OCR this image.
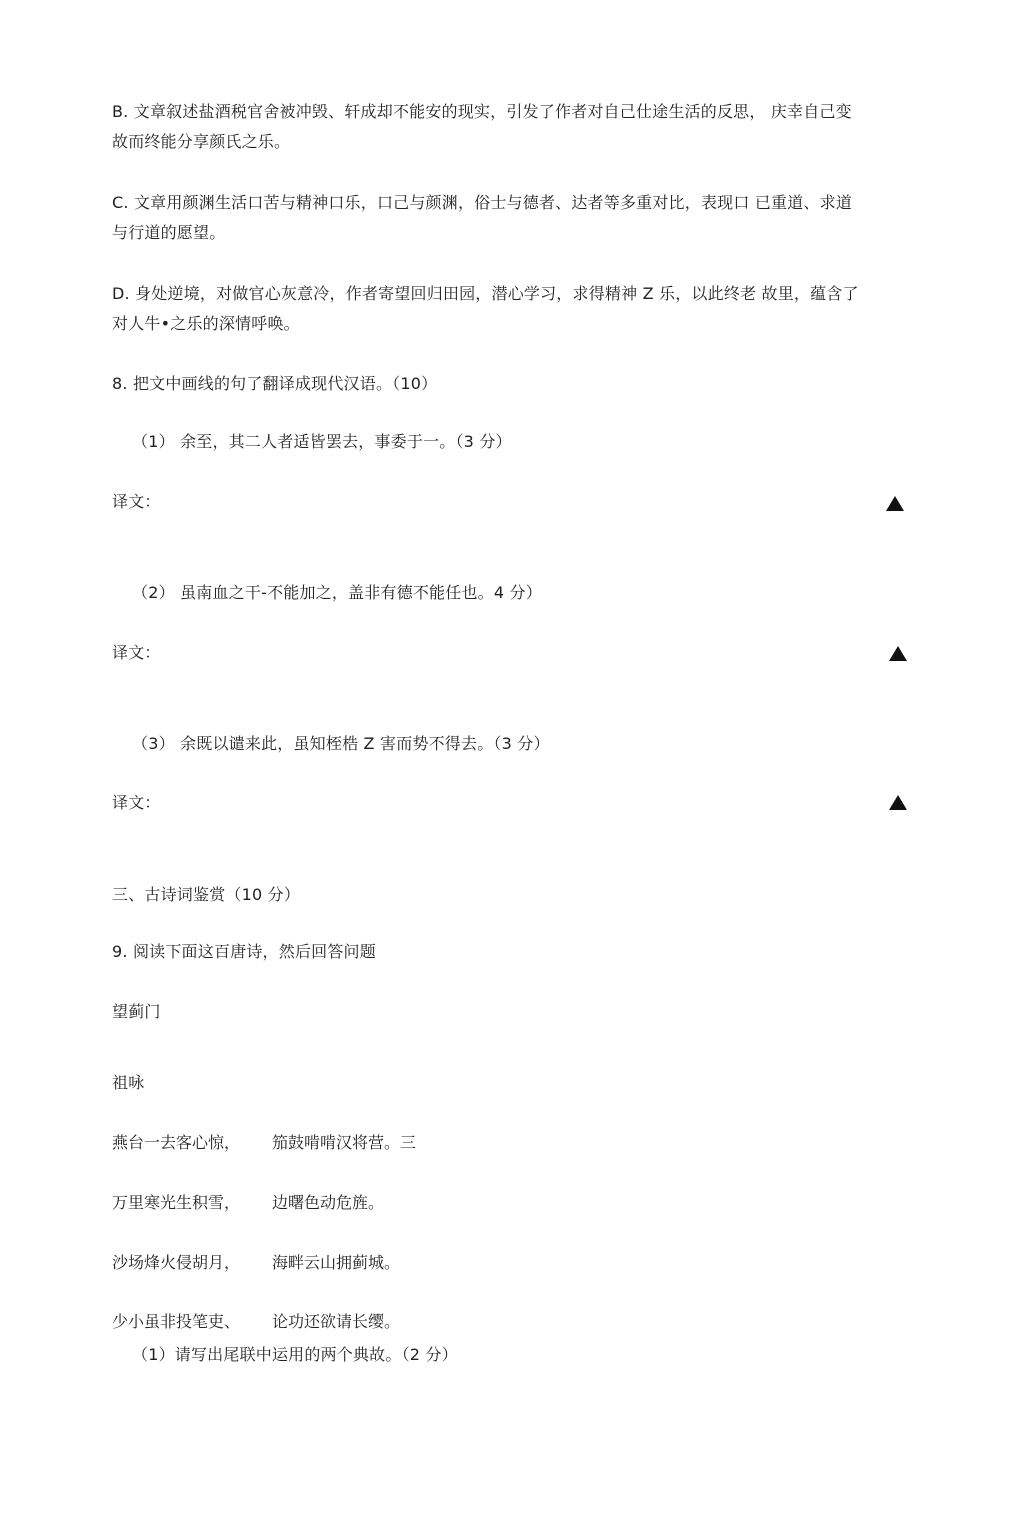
B. 文章叙述盐酒税官舍被冲毁、轩成却不能安的现实，引发了作者对自己仕途生活的反思， 庆幸自己变
故而终能分享颜氏之乐。
C. 文章用颜渊生活口苦与精神口乐，口己与颜渊，俗士与德者、达者等多重对比，表现口 已重道、求道
与行道的愿望。
D. 身处逆境，对做官心灰意冷，作者寄望回归田园，潜心学习，求得精神 Z 乐，以此终老 故里，蕴含了
对人牛•之乐的深情呼唤。
8. 把文中画线的句了翻译成现代汉语。（10）
（1） 余至，其二人者适皆罢去，事委于一。（3 分）
译文：
（2） 虽南血之干-不能加之，盖非有德不能任也。4 分）
译文：
（3） 余既以谴来此，虽知桎梏 Z 害而势不得去。（3 分）
译文：
三、古诗词鉴赏（10 分）
9. 阅读下面这百唐诗，然后回答问题
望蓟门
祖咏
燕台一去客心惊， 笳鼓啃啃汉将营。三
万里寒光生积雪， 边曙色动危旌。
沙场烽火侵胡月， 海畔云山拥蓟城。
少小虽非投笔吏、 论功还欲请长缨。
（1）请写出尾联中运用的两个典故。（2 分）
